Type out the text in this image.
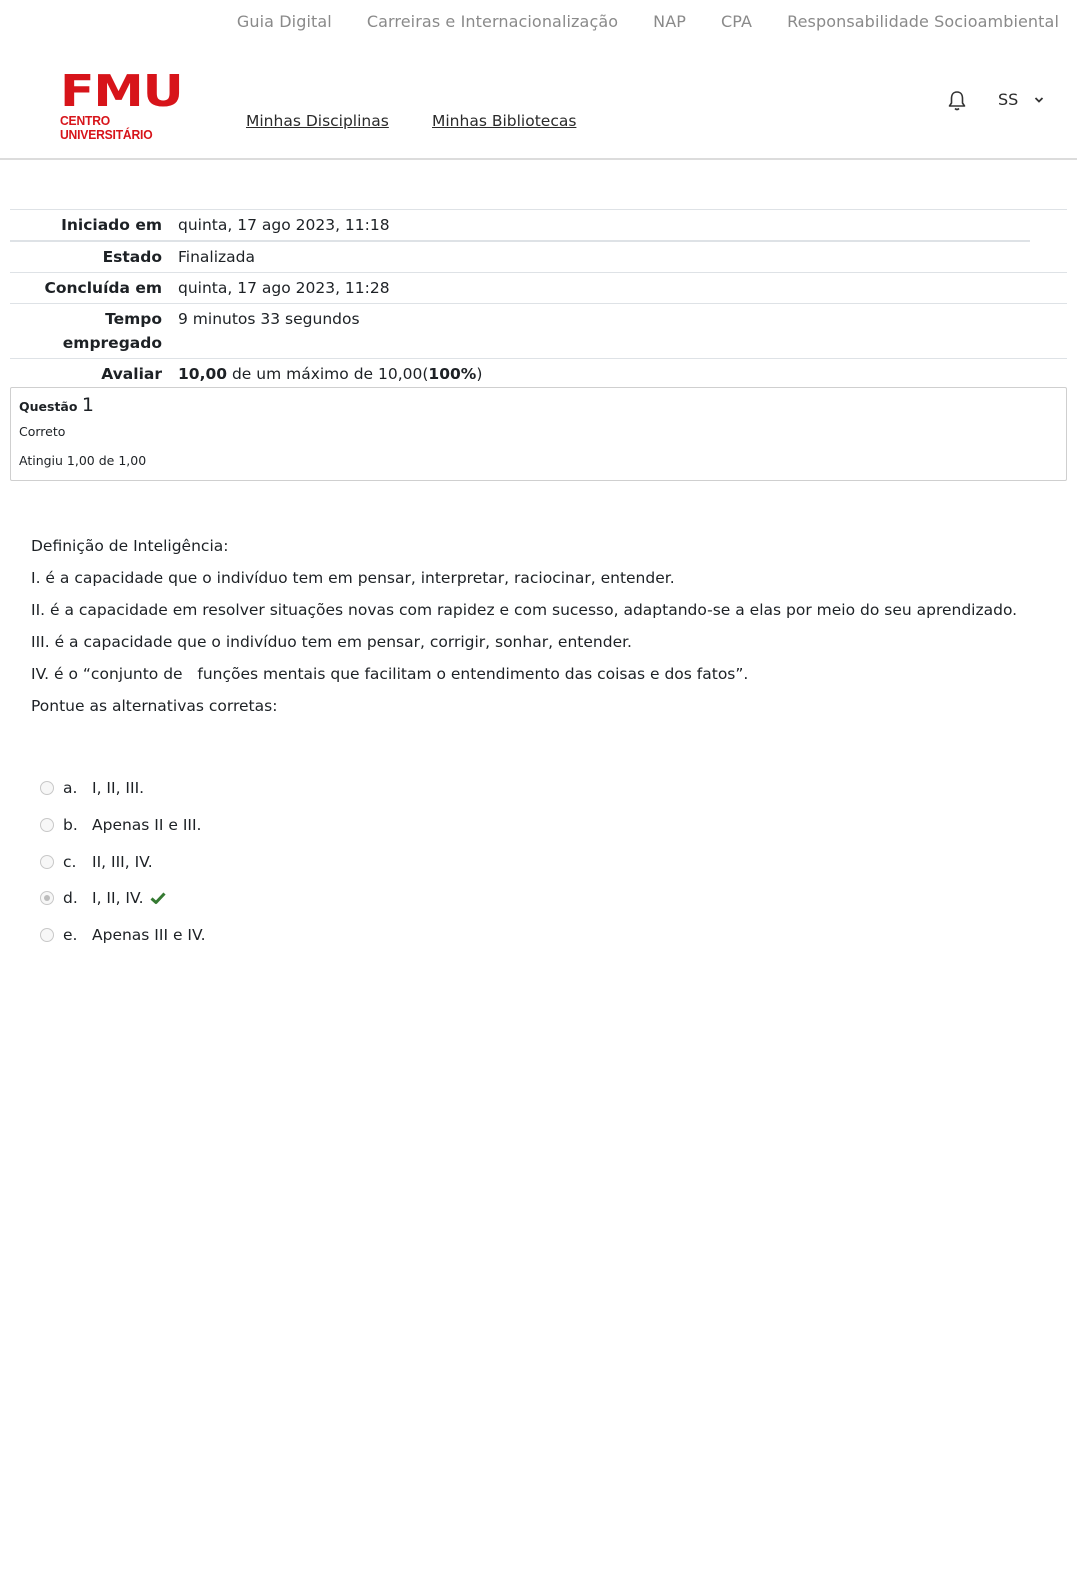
Guia Digital Carreiras e Internacionalização NAP CPA Responsabilidade Socioambiental
FMU
CENTRO UNIVERSITÁRIO
Minhas Disciplinas	Minhas Bibliotecas
SS
Iniciado em	quinta, 17 ago 2023, 11:18
Estado	Finalizada
Concluída em	quinta, 17 ago 2023, 11:28
Tempo empregado
9 minutos 33 segundos
Avaliar	10,00 de um máximo de 10,00(100%)
Questão 1
Correto
Atingiu 1,00 de 1,00

Definição de Inteligência:

I. é a capacidade que o indivíduo tem em pensar, interpretar, raciocinar, entender.

II. é a capacidade em resolver situações novas com rapidez e com sucesso, adaptando-se a elas por meio do seu aprendizado.

III. é a capacidade que o indivíduo tem em pensar, corrigir, sonhar, entender.

IV. é o “conjunto de   funções mentais que facilitam o entendimento das coisas e dos fatos”.

Pontue as alternativas corretas:

a. I, II, III.
b. Apenas II e III.
c.	II, III, IV.
d. I, II, IV.
e. Apenas III e IV.
